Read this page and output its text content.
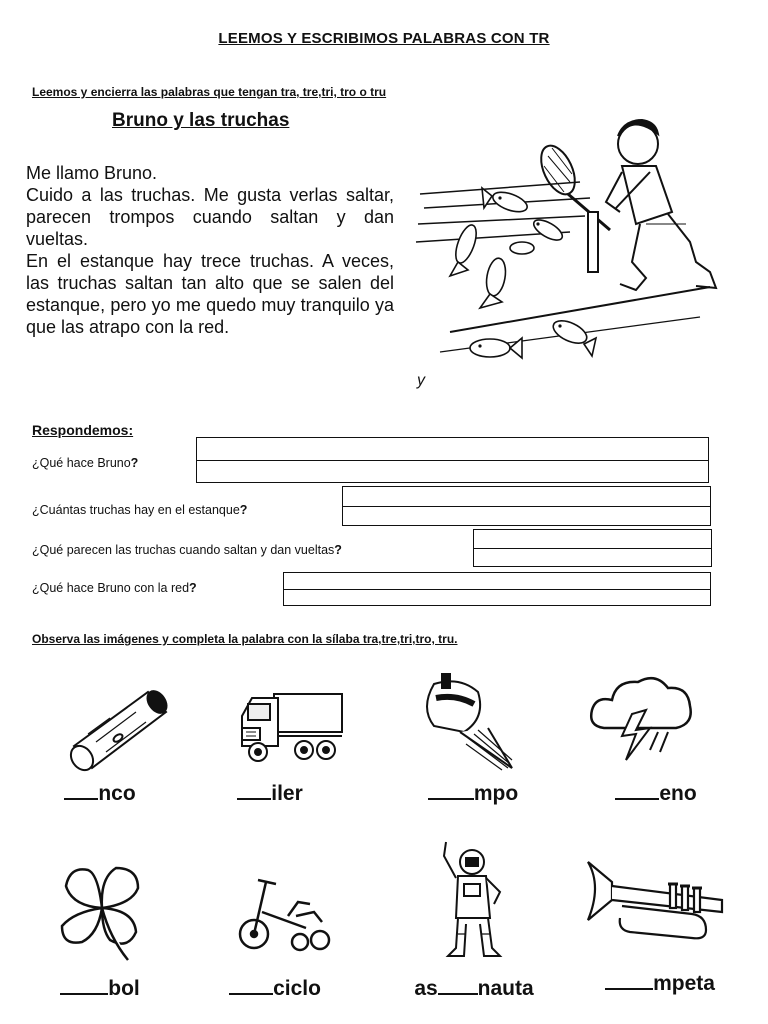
LEEMOS Y ESCRIBIMOS PALABRAS CON TR
Leemos y encierra las palabras que tengan tra, tre,tri, tro o tru
Bruno y las truchas

Me llamo Bruno.

Cuido a las truchas. Me gusta verlas saltar, parecen trompos cuando saltan y dan vueltas.

En el estanque hay trece truchas. A veces, las truchas saltan tan alto que se salen del estanque, pero yo me quedo muy tranquilo ya que las atrapo con la red.

y
Respondemos:
¿Qué hace Bruno?
¿Cuántas truchas hay en el estanque?
¿Qué parecen las truchas cuando saltan y dan vueltas?
¿Qué hace Bruno con la red?
Observa las imágenes y completa la palabra con la sílaba tra,tre,tri,tro, tru.
nco	iler	mpo	eno
bol	ciclo	as nauta	mpeta
